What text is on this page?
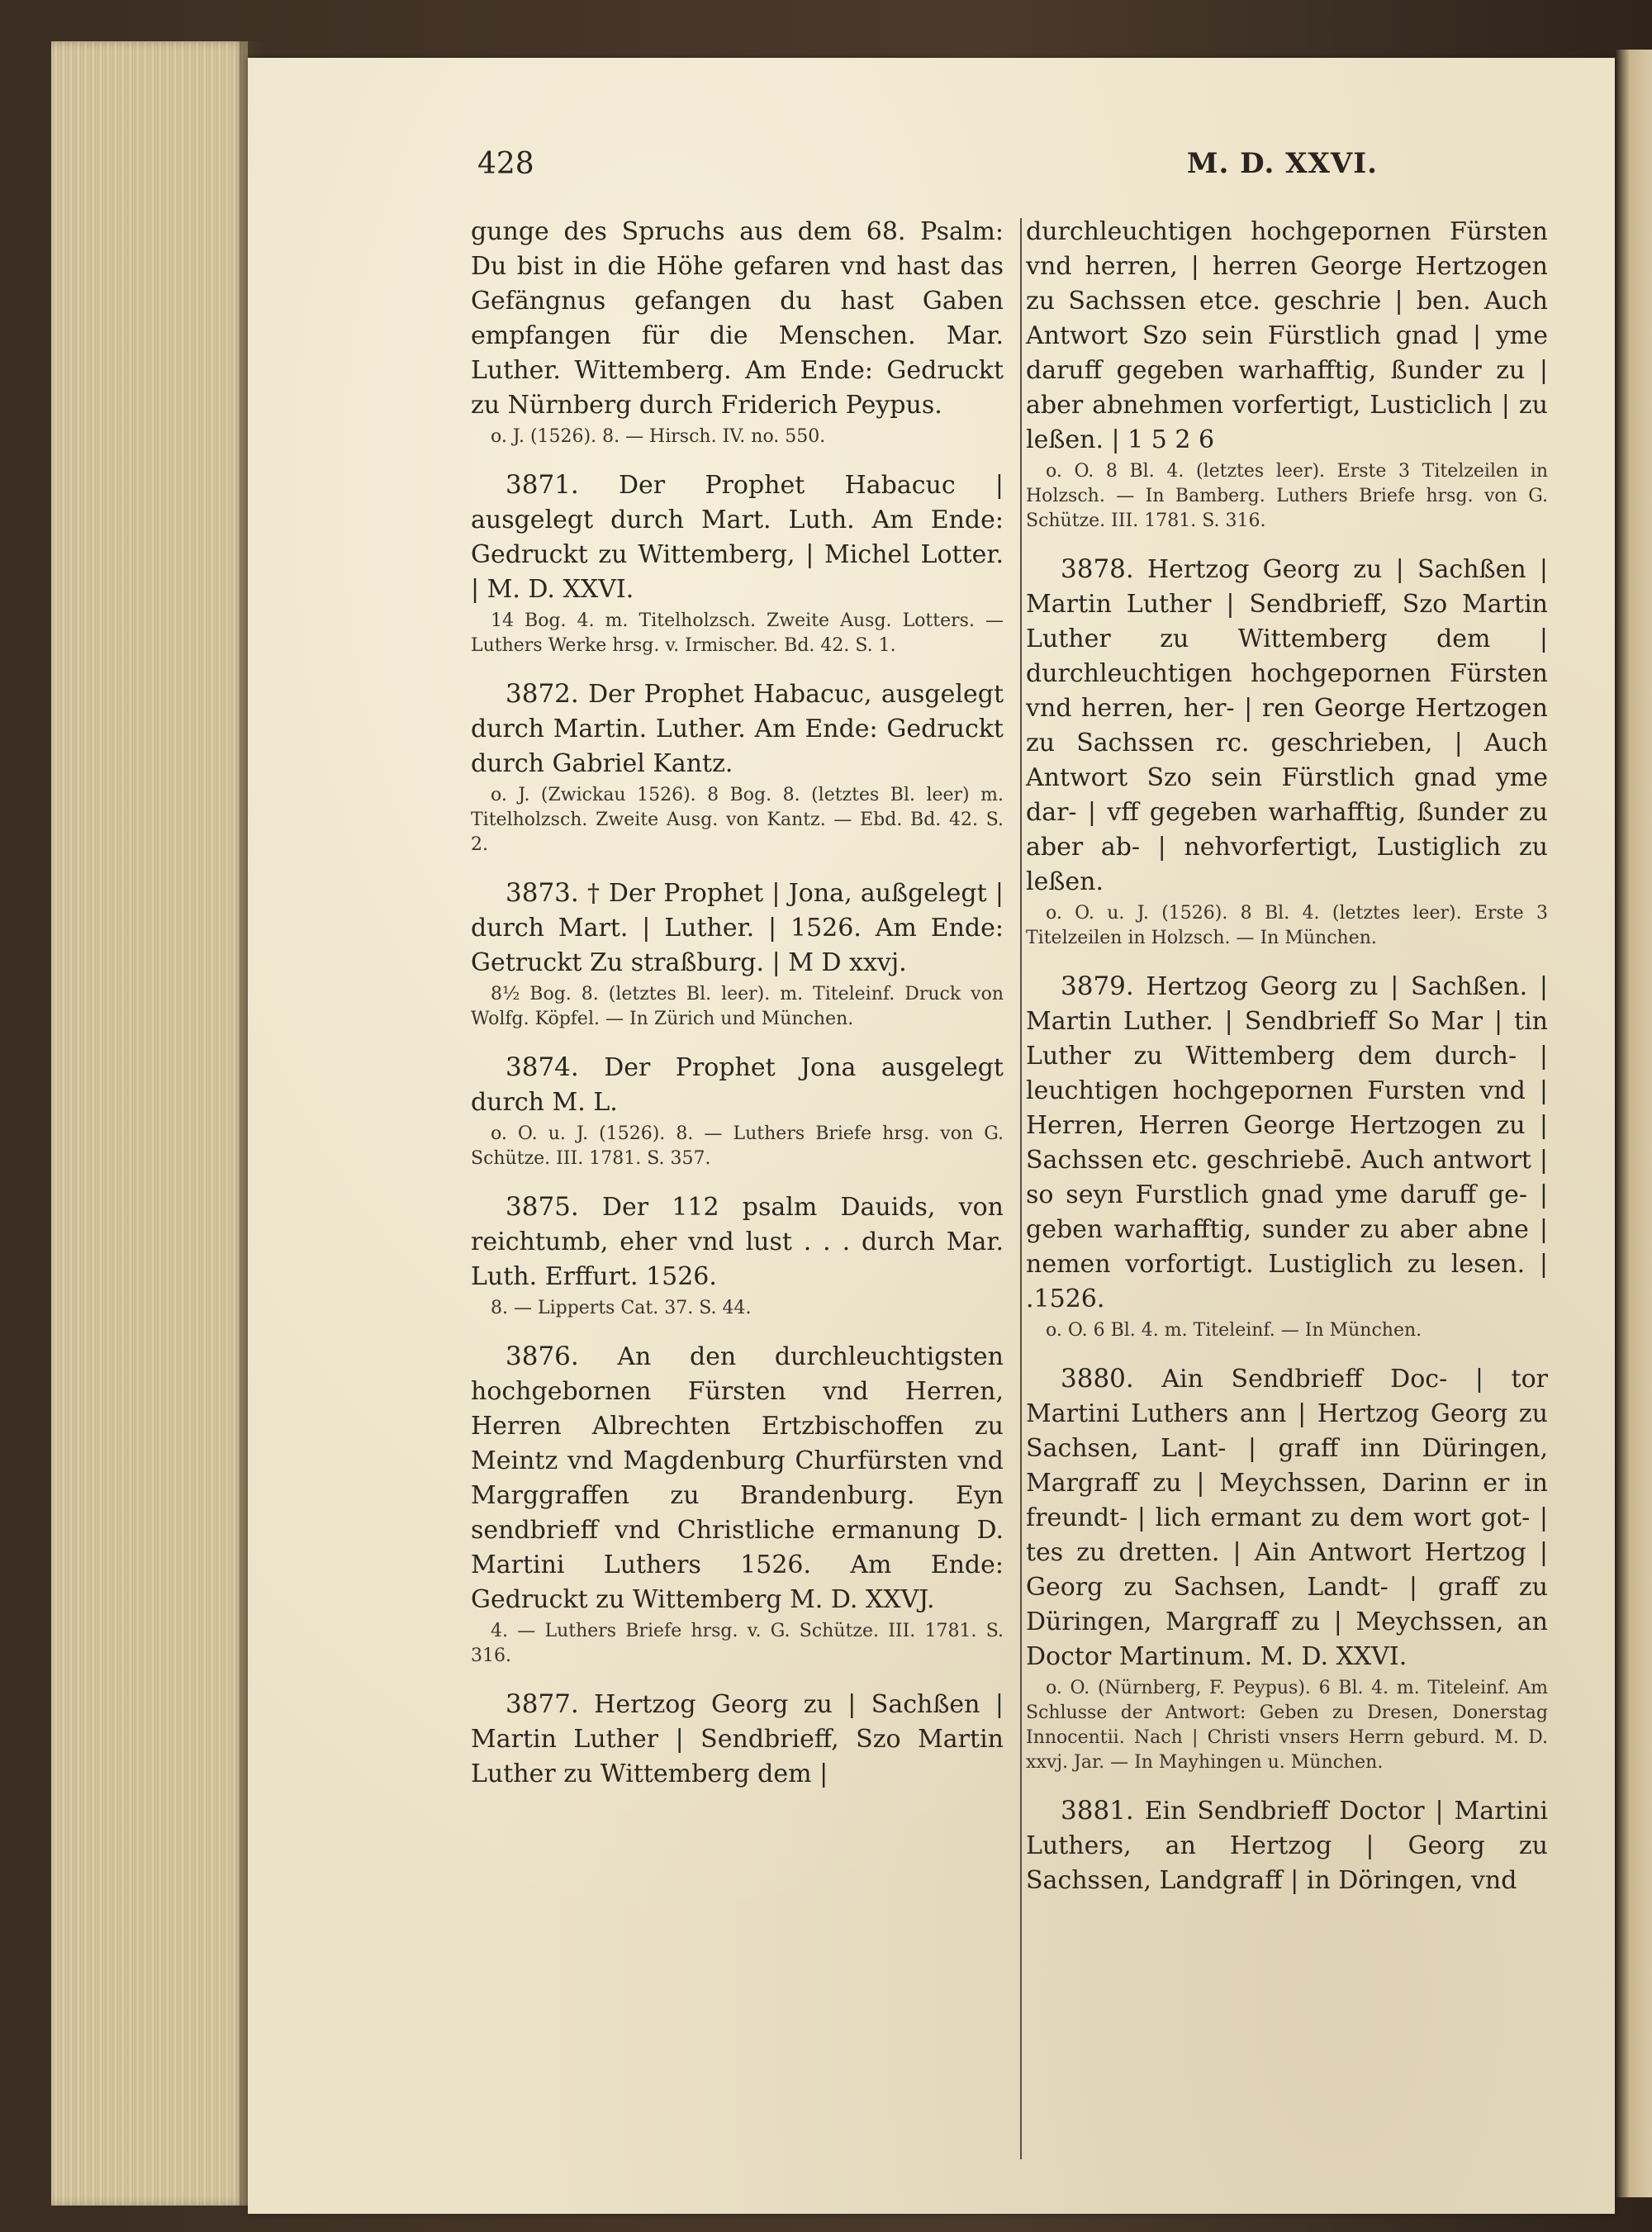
428	M. D. XXVI.

gunge des Spruchs aus dem 68. Psalm: Du bist in die Höhe gefaren vnd hast das Gefängnus gefangen du hast Gaben empfangen für die Menschen. Mar. Luther. Wittemberg. Am Ende: Gedruckt zu Nürnberg durch Friderich Peypus.

o. J. (1526). 8. — Hirsch. IV. no. 550.

3871. Der Prophet Habacuc | ausgelegt durch Mart. Luth. Am Ende: Gedruckt zu Wittemberg, | Michel Lotter. | M. D. XXVI.

14 Bog. 4. m. Titelholzsch. Zweite Ausg. Lotters. — Luthers Werke hrsg. v. Irmischer. Bd. 42. S. 1.

3872. Der Prophet Habacuc, ausgelegt durch Martin. Luther. Am Ende: Gedruckt durch Gabriel Kantz.

o. J. (Zwickau 1526). 8 Bog. 8. (letztes Bl. leer) m. Titelholzsch. Zweite Ausg. von Kantz. — Ebd. Bd. 42. S. 2.

3873. † Der Prophet | Jona, außgelegt | durch Mart. | Luther. | 1526. Am Ende: Getruckt Zu straßburg. | M D xxvj.

8½ Bog. 8. (letztes Bl. leer). m. Titeleinf. Druck von Wolfg. Köpfel. — In Zürich und München.

3874. Der Prophet Jona ausgelegt durch M. L.

o. O. u. J. (1526). 8. — Luthers Briefe hrsg. von G. Schütze. III. 1781. S. 357.

3875. Der 112 psalm Dauids, von reichtumb, eher vnd lust . . . durch Mar. Luth. Erffurt. 1526.

8. — Lipperts Cat. 37. S. 44.

3876. An den durchleuchtigsten hochgebornen Fürsten vnd Herren, Herren Albrechten Ertzbischoffen zu Meintz vnd Magdenburg Churfürsten vnd Marggraffen zu Brandenburg. Eyn sendbrieff vnd Christliche ermanung D. Martini Luthers 1526. Am Ende: Gedruckt zu Wittemberg M. D. XXVJ.

4. — Luthers Briefe hrsg. v. G. Schütze. III. 1781. S. 316.

3877. Hertzog Georg zu | Sachßen | Martin Luther | Sendbrieff, Szo Martin Luther zu Wittemberg dem |

durchleuchtigen hochgepornen Fürsten vnd herren, | herren George Hertzogen zu Sachssen etce. geschrie | ben. Auch Antwort Szo sein Fürstlich gnad | yme daruff gegeben warhafftig, ßunder zu | aber abnehmen vorfertigt, Lusticlich | zu leßen. | 1 5 2 6

o. O. 8 Bl. 4. (letztes leer). Erste 3 Titelzeilen in Holzsch. — In Bamberg. Luthers Briefe hrsg. von G. Schütze. III. 1781. S. 316.

3878. Hertzog Georg zu | Sachßen | Martin Luther | Sendbrieff, Szo Martin Luther zu Wittemberg dem | durchleuchtigen hochgepornen Fürsten vnd herren, her- | ren George Hertzogen zu Sachssen rc. geschrieben, | Auch Antwort Szo sein Fürstlich gnad yme dar- | vff gegeben warhafftig, ßunder zu aber ab- | nehvorfertigt, Lustiglich zu leßen.

o. O. u. J. (1526). 8 Bl. 4. (letztes leer). Erste 3 Titelzeilen in Holzsch. — In München.

3879. Hertzog Georg zu | Sachßen. | Martin Luther. | Sendbrieff So Mar | tin Luther zu Wittemberg dem durch- | leuchtigen hochgepornen Fursten vnd | Herren, Herren George Hertzogen zu | Sachssen etc. geschriebē. Auch antwort | so seyn Furstlich gnad yme daruff ge- | geben warhafftig, sunder zu aber abne | nemen vorfortigt. Lustiglich zu lesen. | .1526.

o. O. 6 Bl. 4. m. Titeleinf. — In München.

3880. Ain Sendbrieff Doc- | tor Martini Luthers ann | Hertzog Georg zu Sachsen, Lant- | graff inn Düringen, Margraff zu | Meychssen, Darinn er in freundt- | lich ermant zu dem wort got- | tes zu dretten. | Ain Antwort Hertzog | Georg zu Sachsen, Landt- | graff zu Düringen, Margraff zu | Meychssen, an Doctor Martinum. M. D. XXVI.

o. O. (Nürnberg, F. Peypus). 6 Bl. 4. m. Titeleinf. Am Schlusse der Antwort: Geben zu Dresen, Donerstag Innocentii. Nach | Christi vnsers Herrn geburd. M. D. xxvj. Jar. — In Mayhingen u. München.

3881. Ein Sendbrieff Doctor | Martini Luthers, an Hertzog | Georg zu Sachssen, Landgraff | in Döringen, vnd
